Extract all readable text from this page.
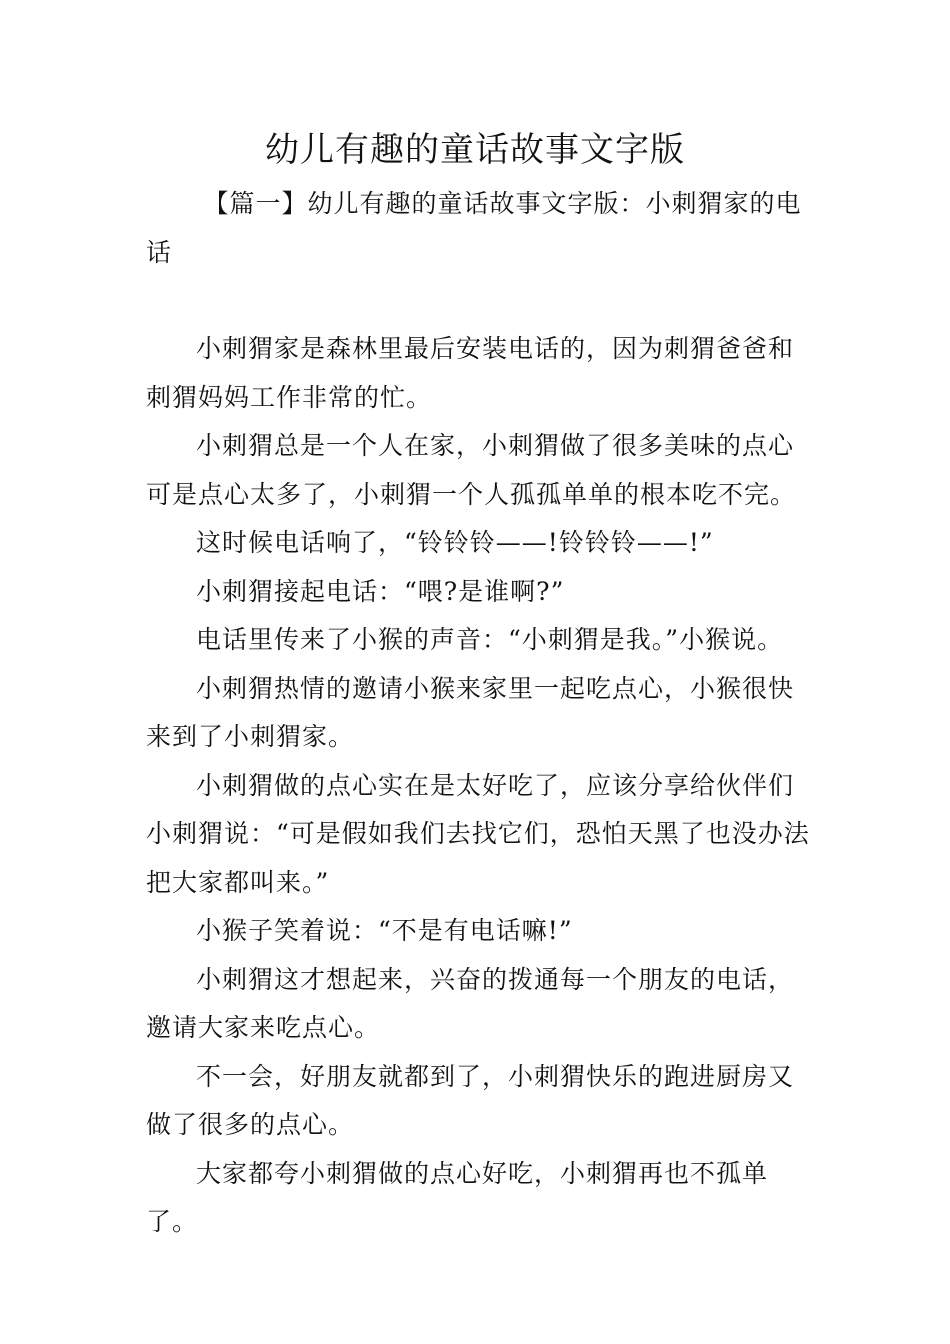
幼儿有趣的童话故事文字版

【篇一】幼儿有趣的童话故事文字版：小刺猬家的电话

小刺猬家是森林里最后安装电话的，因为刺猬爸爸和刺猬妈妈工作非常的忙。

小刺猬总是一个人在家，小刺猬做了很多美味的点心可是点心太多了，小刺猬一个人孤孤单单的根本吃不完。

这时候电话响了，“铃铃铃——!铃铃铃——!”

小刺猬接起电话：“喂?是谁啊?”

电话里传来了小猴的声音：“小刺猬是我。”小猴说。

小刺猬热情的邀请小猴来家里一起吃点心，小猴很快来到了小刺猬家。

小刺猬做的点心实在是太好吃了，应该分享给伙伴们小刺猬说：“可是假如我们去找它们，恐怕天黑了也没办法把大家都叫来。”

小猴子笑着说：“不是有电话嘛!”

小刺猬这才想起来，兴奋的拨通每一个朋友的电话，邀请大家来吃点心。

不一会，好朋友就都到了，小刺猬快乐的跑进厨房又做了很多的点心。

大家都夸小刺猬做的点心好吃，小刺猬再也不孤单了。
